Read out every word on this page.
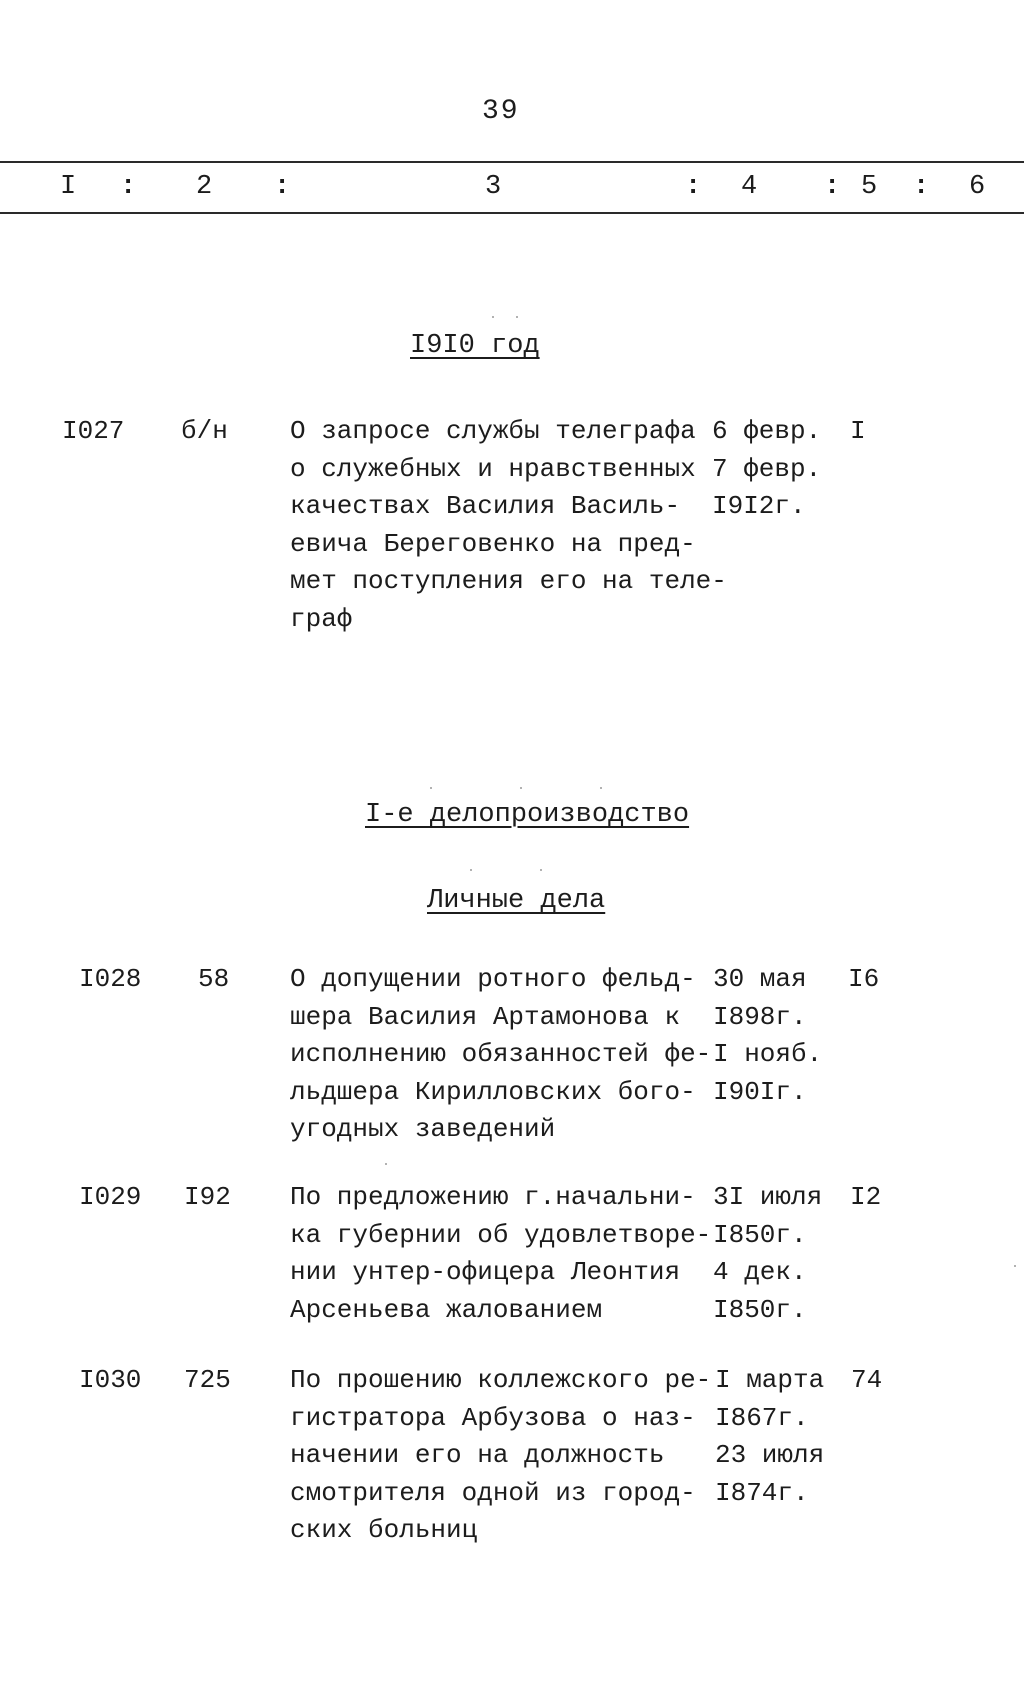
39
I : 2 :	3	: 4 : 5 : 6
I9I0 год
I027 б/н О запросе службы телеграфа
о служебных и нравственных
качествах Василия Василь-
евича Береговенко на пред-
мет поступления его на теле-
граф
6 февр.
7 февр.
I9I2г.
I
I-е делопроизводство
Личные дела
I028 58 О допущении ротного фельд-
шера Василия Артамонова к
исполнению обязанностей фе-
льдшера Кирилловских бого-
угодных заведений
30 мая
I898г.
I нояб.
I90Iг.
I6
I029 I92 По предложению г.начальни-
ка губернии об удовлетворе-
нии унтер-офицера Леонтия
Арсеньева жалованием
3I июля
I850г.
4 дек.
I850г.
I2
I030 725 По прошению коллежского ре-
гистратора Арбузова о наз-
начении его на должность
смотрителя одной из город-
ских больниц
I марта
I867г.
23 июля
I874г.
74
